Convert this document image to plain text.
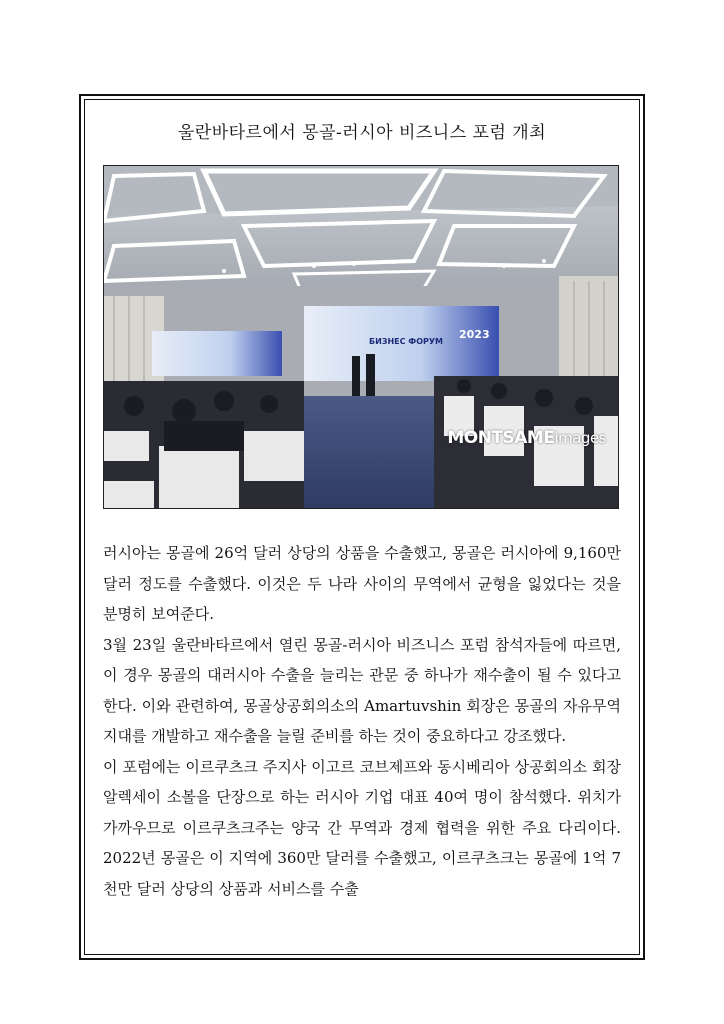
울란바타르에서 몽골-러시아 비즈니스 포럼 개최
БИЗНЕС ФОРУМ
2023
MONTSAMEimages

러시아는 몽골에 26억 달러 상당의 상품을 수출했고, 몽골은 러시아에 9,160만 달러 정도를 수출했다. 이것은 두 나라 사이의 무역에서 균형을 잃었다는 것을 분명히 보여준다.

3월 23일 울란바타르에서 열린 몽골-러시아 비즈니스 포럼 참석자들에 따르면, 이 경우 몽골의 대러시아 수출을 늘리는 관문 중 하나가 재수출이 될 수 있다고 한다. 이와 관련하여, 몽골상공회의소의 Amartuvshin 회장은 몽골의 자유무역지대를 개발하고 재수출을 늘릴 준비를 하는 것이 중요하다고 강조했다.

이 포럼에는 이르쿠츠크 주지사 이고르 코브제프와 동시베리아 상공회의소 회장 알렉세이 소볼을 단장으로 하는 러시아 기업 대표 40여 명이 참석했다. 위치가 가까우므로 이르쿠츠크주는 양국 간 무역과 경제 협력을 위한 주요 다리이다. 2022년 몽골은 이 지역에 360만 달러를 수출했고, 이르쿠츠크는 몽골에 1억 7천만 달러 상당의 상품과 서비스를 수출
